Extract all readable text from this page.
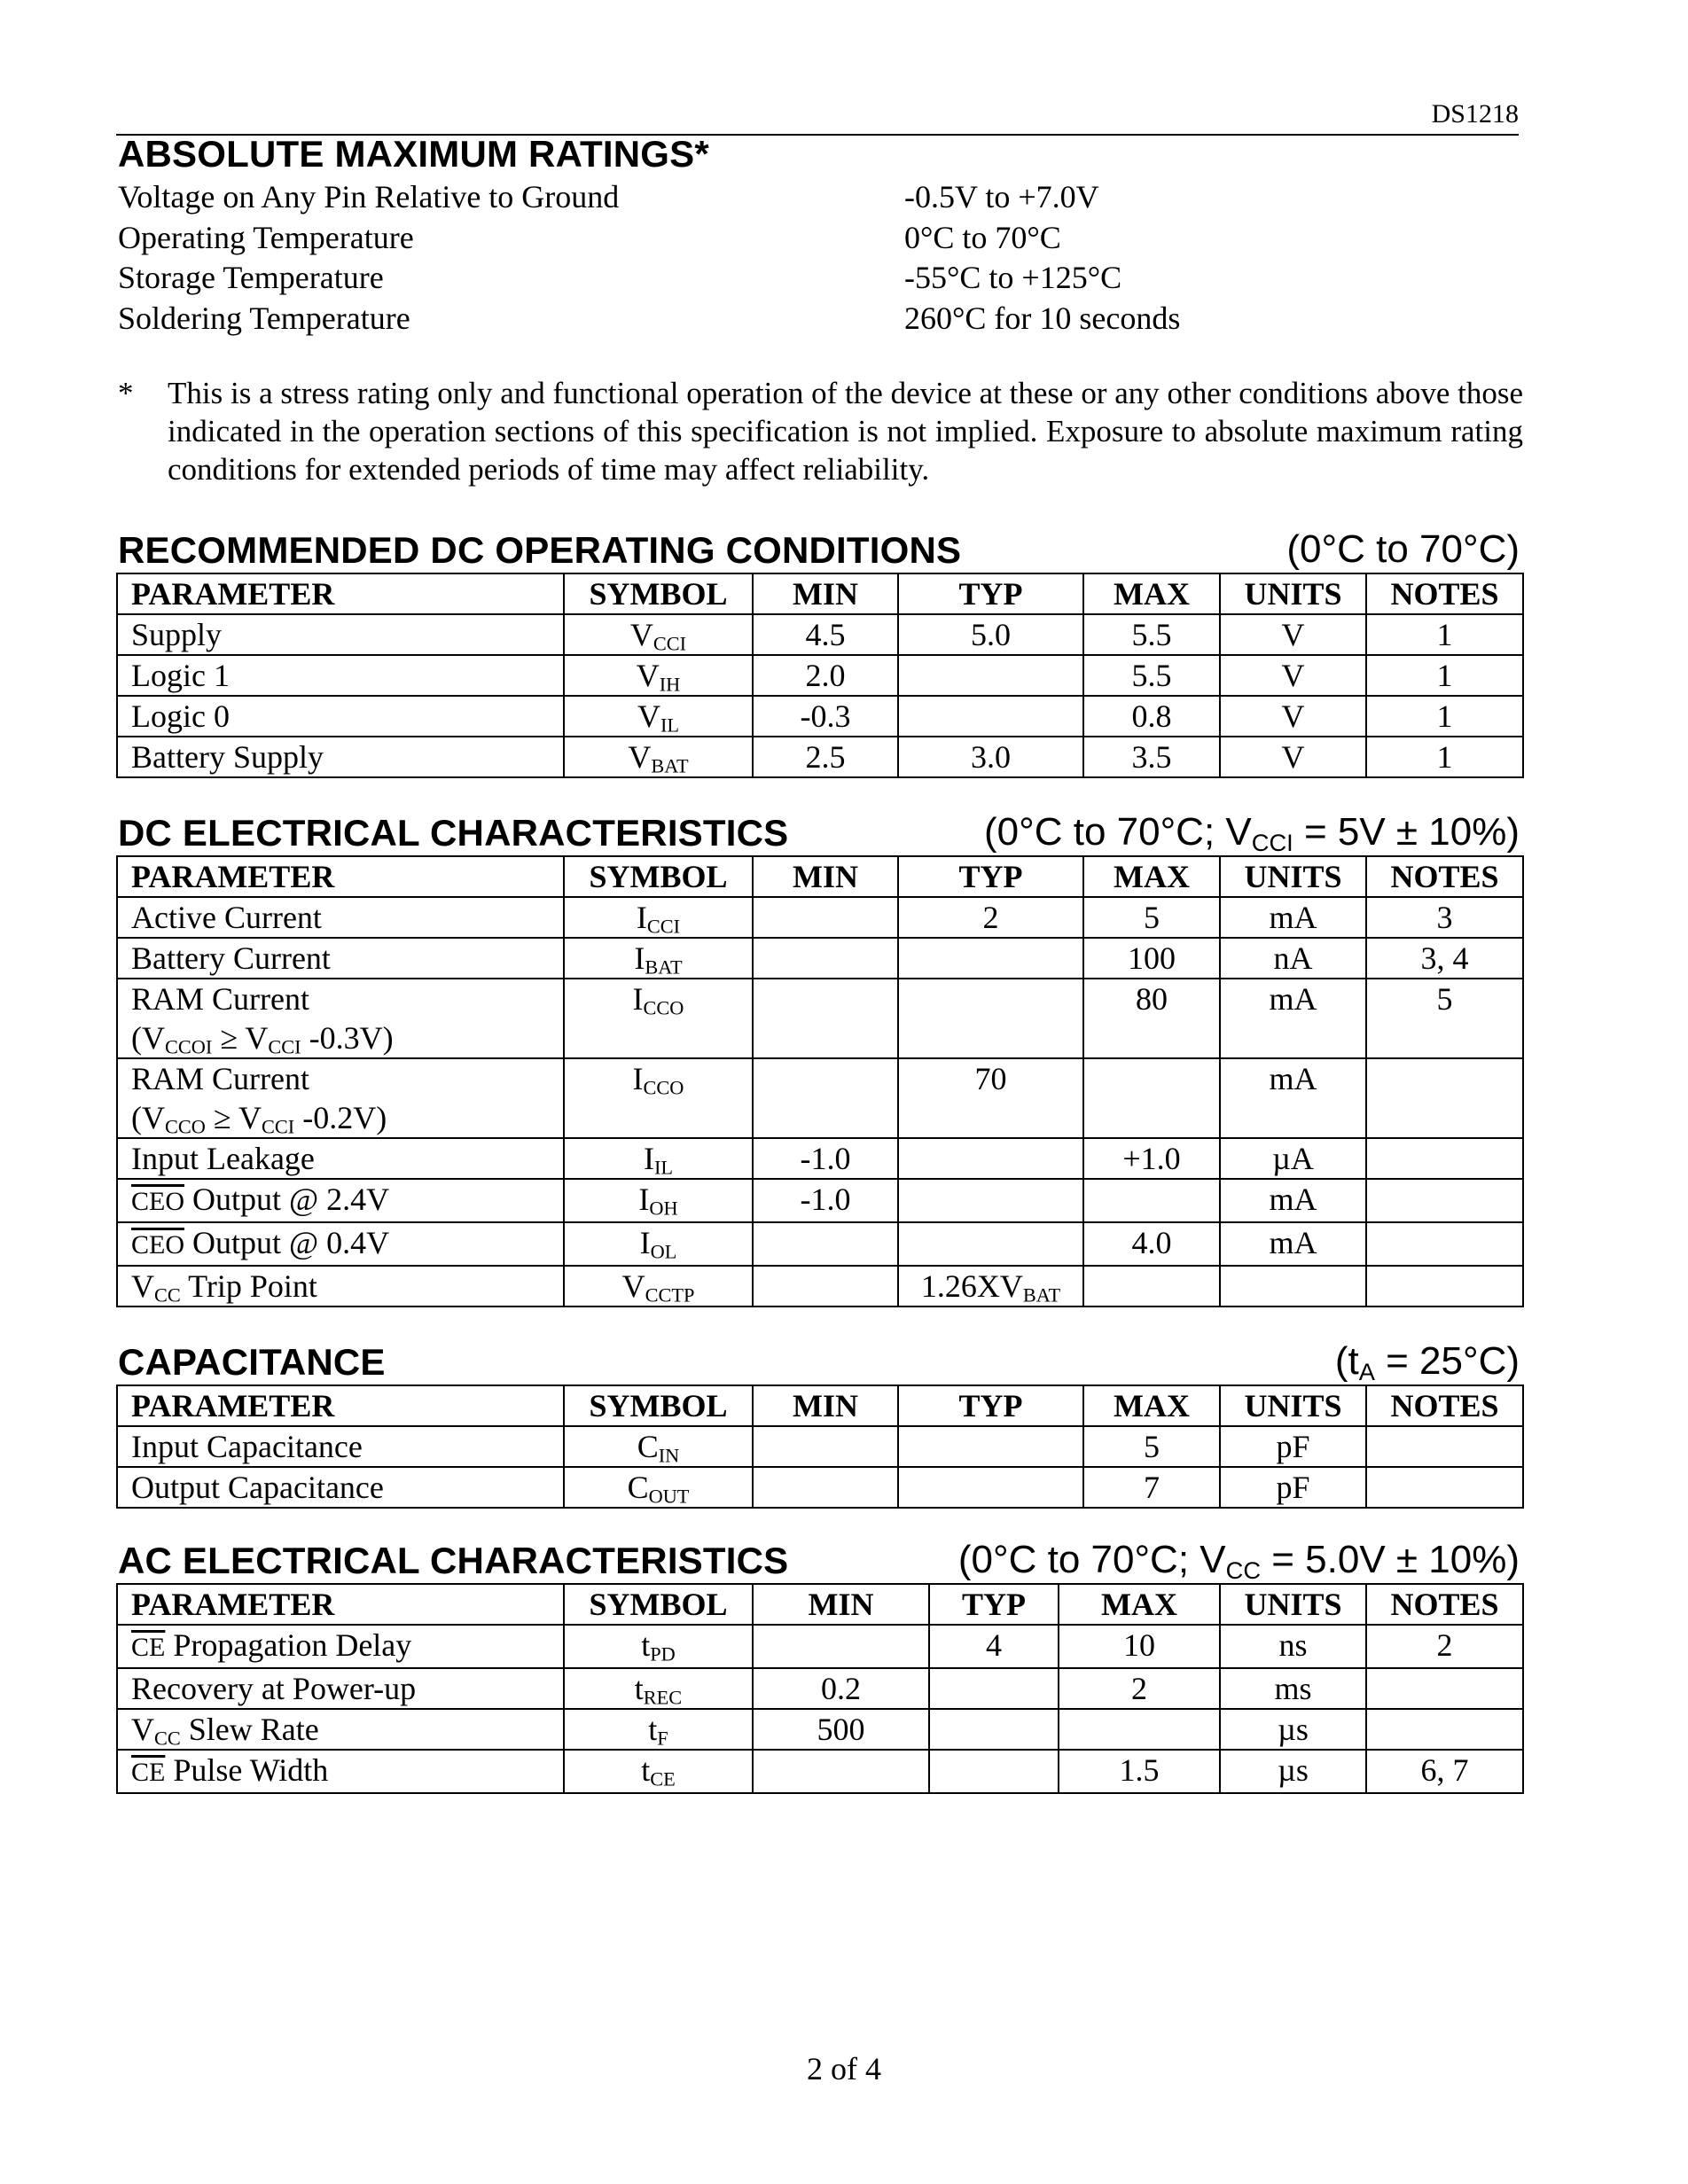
DS1218
ABSOLUTE MAXIMUM RATINGS*
Voltage on Any Pin Relative to Ground	-0.5V to +7.0V
Operating Temperature	0°C to 70°C
Storage Temperature	-55°C to +125°C
Soldering Temperature	260°C for 10 seconds
*	This is a stress rating only and functional operation of the device at these or any other conditions above those indicated in the operation sections of this specification is not implied. Exposure to absolute maximum rating conditions for extended periods of time may affect reliability.
RECOMMENDED DC OPERATING CONDITIONS	(0°C to 70°C)
PARAMETER	SYMBOL	MIN	TYP	MAX	UNITS	NOTES
Supply	$V_{CCI}$	4.5	5.0	5.5	V	1
Logic 1	$V_{IH}$	2.0		5.5	V	1
Logic 0	$V_{IL}$	-0.3		0.8	V	1
Battery Supply	$V_{BAT}$	2.5	3.0	3.5	V	1
DC ELECTRICAL CHARACTERISTICS	(0°C to 70°C; $V_{CCI} = 5V \pm 10\%$)
PARAMETER	SYMBOL	MIN	TYP	MAX	UNITS	NOTES
Active Current	$I_{CCI}$		2	5	mA	3
Battery Current	$I_{BAT}$			100	nA	3, 4

RAM Current
($V_{CCOI} \ge V_{CCI}$ -0.3V)	$I_{CCO}$			80	mA	5

RAM Current
($V_{CCO} \ge V_{CCI}$ -0.2V)	$I_{CCO}$		70		mA	
Input Leakage	$I_{IL}$	-1.0		+1.0	µA	
$\overline{CEO}$ Output @ 2.4V	$I_{OH}$	-1.0			mA	
$\overline{CEO}$ Output @ 0.4V	$I_{OL}$			4.0	mA	
$V_{CC}$ Trip Point	$V_{CCTP}$		$1.26XV_{BAT}$			
CAPACITANCE	$(t_A = 25^\circ C)$
PARAMETER	SYMBOL	MIN	TYP	MAX	UNITS	NOTES
Input Capacitance	$C_{IN}$			5	pF	
Output Capacitance	$C_{OUT}$			7	pF	
AC ELECTRICAL CHARACTERISTICS	(0°C to 70°C; $V_{CC} = 5.0V \pm 10\%$)
PARAMETER	SYMBOL	MIN	TYP	MAX	UNITS	NOTES
$\overline{CE}$ Propagation Delay	$t_{PD}$		4	10	ns	2
Recovery at Power-up	$t_{REC}$	0.2		2	ms	
$V_{CC}$ Slew Rate	$t_F$	500			µs	
$\overline{CE}$ Pulse Width	$t_{CE}$			1.5	µs	6, 7
2 of 4
